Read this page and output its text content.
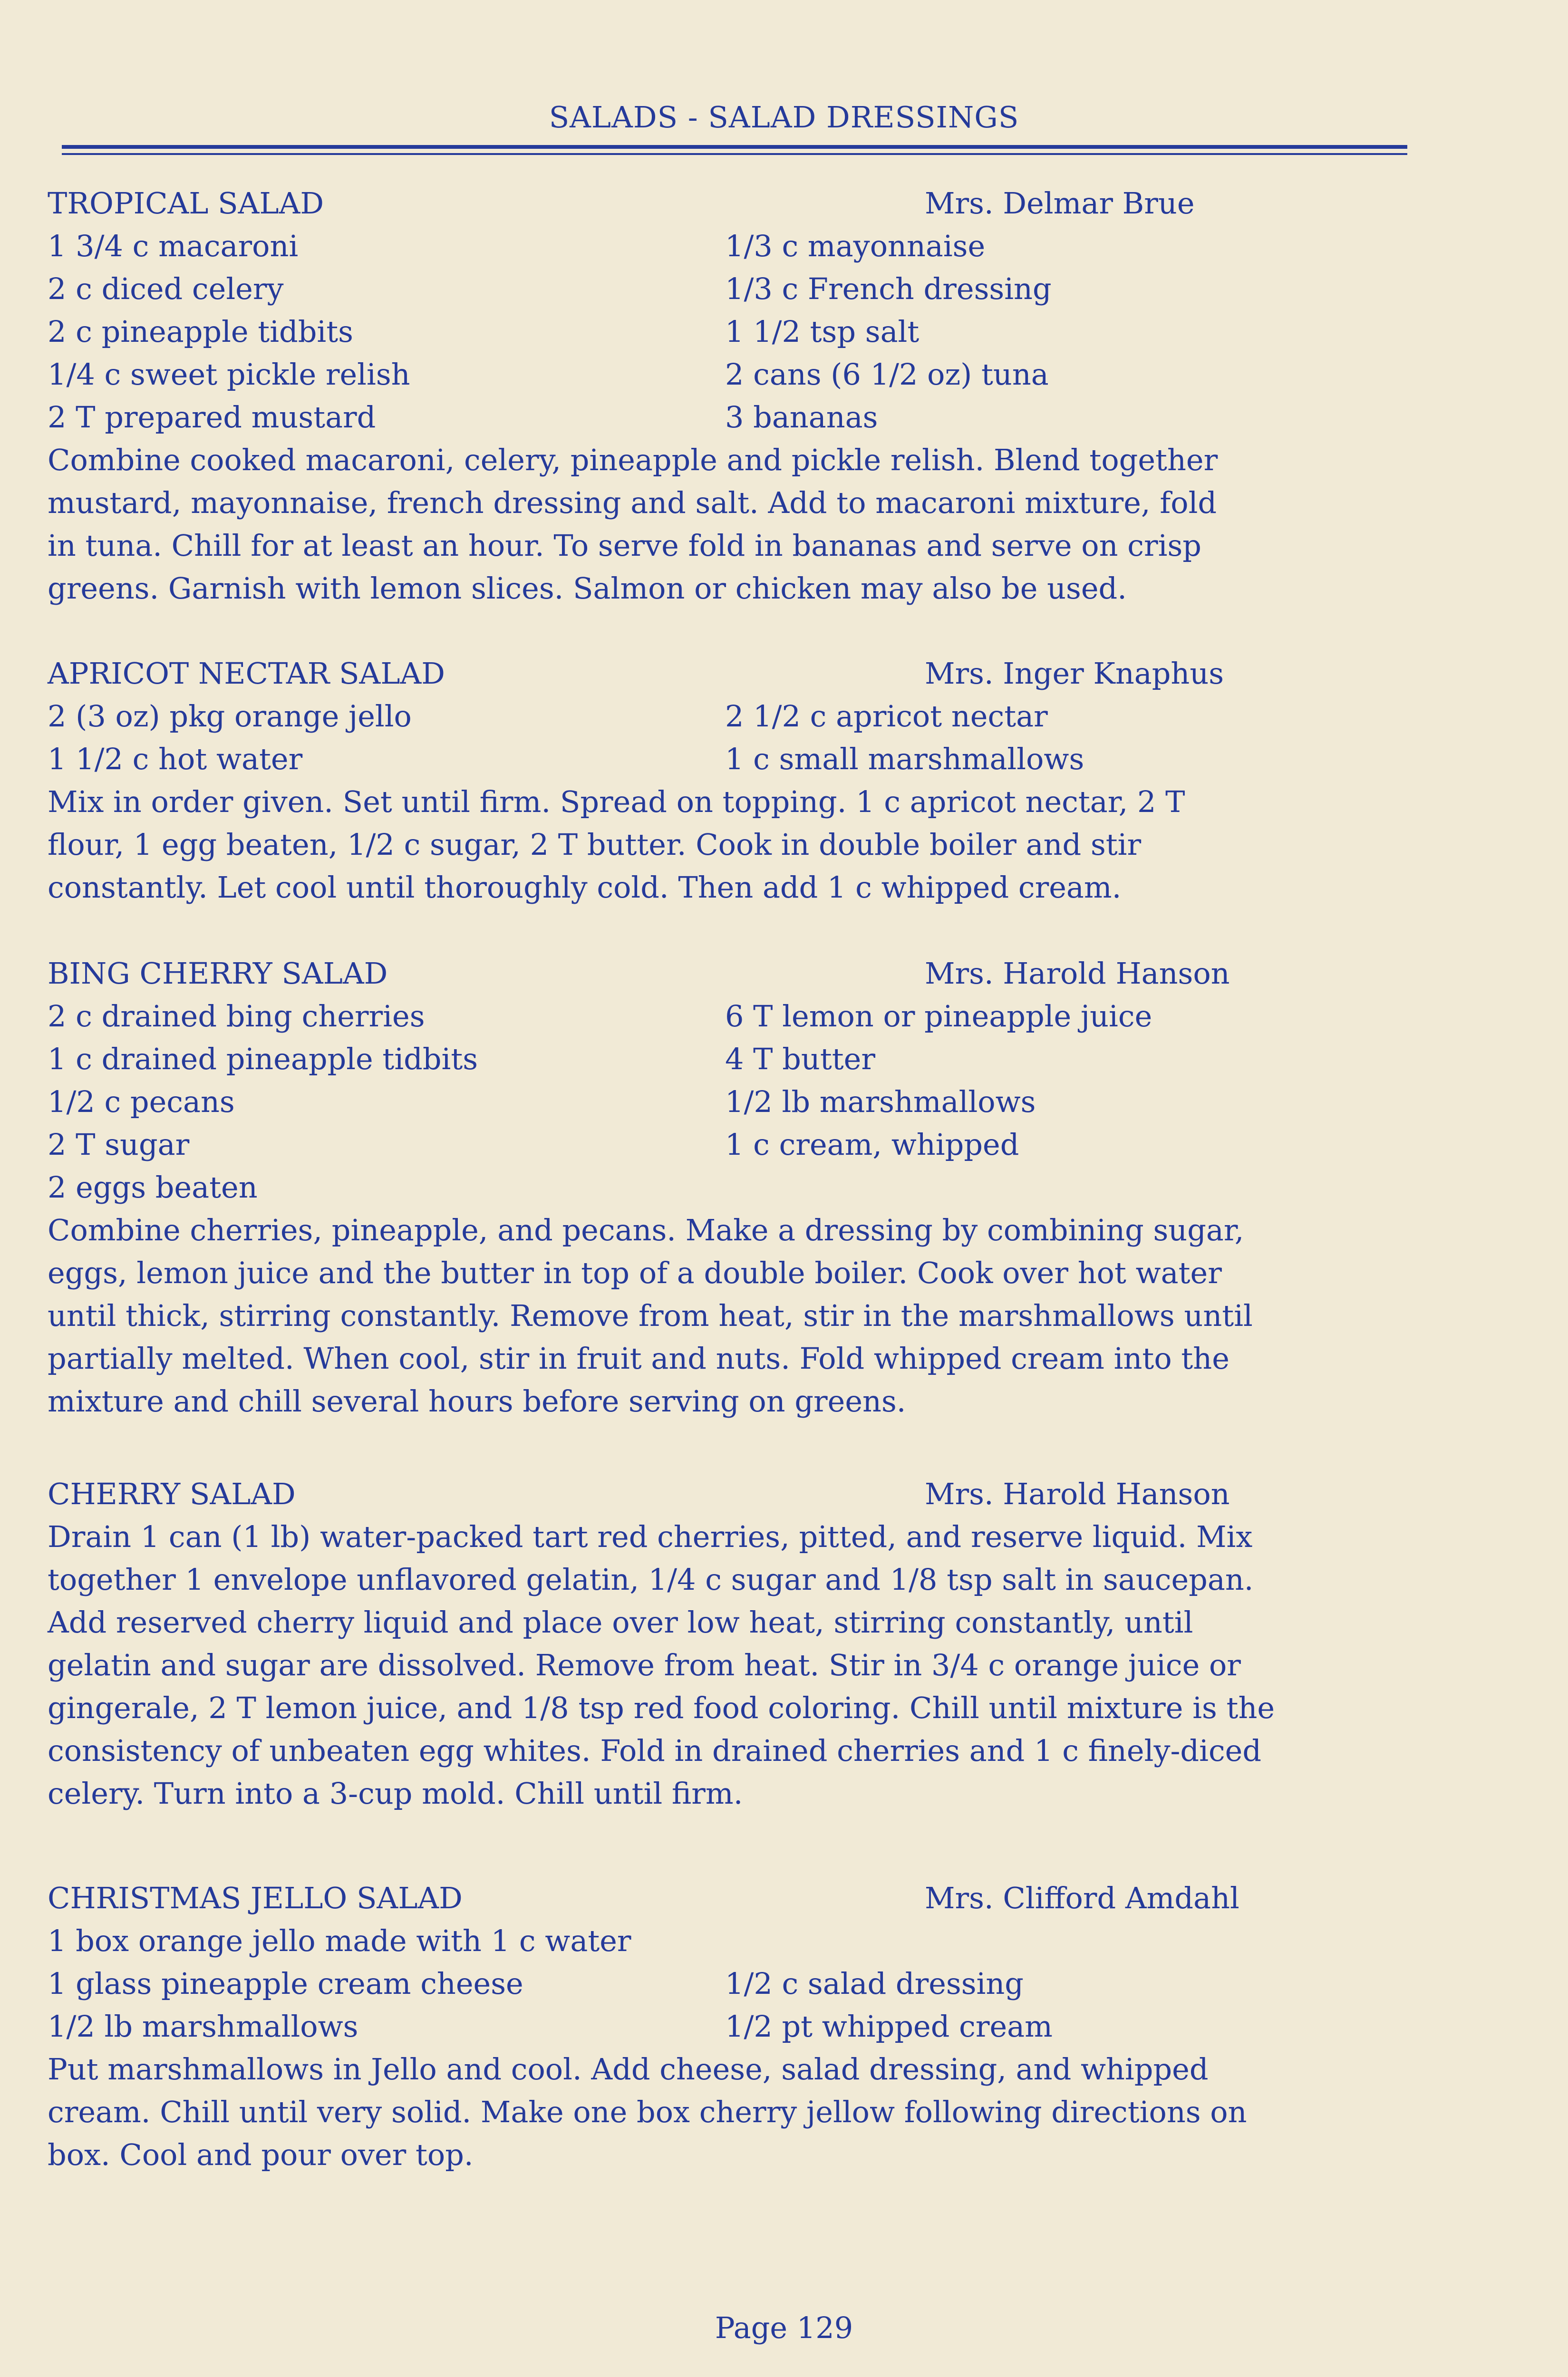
SALADS - SALAD DRESSINGS
TROPICAL SALAD	Mrs. Delmar Brue
1 3/4 c macaroni	1/3 c mayonnaise
2 c diced celery	1/3 c French dressing
2 c pineapple tidbits	1 1/2 tsp salt
1/4 c sweet pickle relish	2 cans (6 1/2 oz) tuna
2 T prepared mustard	3 bananas
Combine cooked macaroni, celery, pineapple and pickle relish. Blend together
mustard, mayonnaise, french dressing and salt. Add to macaroni mixture, fold
in tuna. Chill for at least an hour. To serve fold in bananas and serve on crisp
greens. Garnish with lemon slices. Salmon or chicken may also be used.
APRICOT NECTAR SALAD	Mrs. Inger Knaphus
2 (3 oz) pkg orange jello	2 1/2 c apricot nectar
1 1/2 c hot water	1 c small marshmallows
Mix in order given. Set until firm. Spread on topping. 1 c apricot nectar, 2 T
flour, 1 egg beaten, 1/2 c sugar, 2 T butter. Cook in double boiler and stir
constantly. Let cool until thoroughly cold. Then add 1 c whipped cream.
BING CHERRY SALAD	Mrs. Harold Hanson
2 c drained bing cherries	6 T lemon or pineapple juice
1 c drained pineapple tidbits	4 T butter
1/2 c pecans	1/2 lb marshmallows
2 T sugar	1 c cream, whipped
2 eggs beaten
Combine cherries, pineapple, and pecans. Make a dressing by combining sugar,
eggs, lemon juice and the butter in top of a double boiler. Cook over hot water
until thick, stirring constantly. Remove from heat, stir in the marshmallows until
partially melted. When cool, stir in fruit and nuts. Fold whipped cream into the
mixture and chill several hours before serving on greens.
CHERRY SALAD	Mrs. Harold Hanson
Drain 1 can (1 lb) water-packed tart red cherries, pitted, and reserve liquid. Mix
together 1 envelope unflavored gelatin, 1/4 c sugar and 1/8 tsp salt in saucepan.
Add reserved cherry liquid and place over low heat, stirring constantly, until
gelatin and sugar are dissolved. Remove from heat. Stir in 3/4 c orange juice or
gingerale, 2 T lemon juice, and 1/8 tsp red food coloring. Chill until mixture is the
consistency of unbeaten egg whites. Fold in drained cherries and 1 c finely-diced
celery. Turn into a 3-cup mold. Chill until firm.
CHRISTMAS JELLO SALAD	Mrs. Clifford Amdahl
1 box orange jello made with 1 c water
1 glass pineapple cream cheese	1/2 c salad dressing
1/2 lb marshmallows	1/2 pt whipped cream
Put marshmallows in Jello and cool. Add cheese, salad dressing, and whipped
cream. Chill until very solid. Make one box cherry jellow following directions on
box. Cool and pour over top.
Page 129
